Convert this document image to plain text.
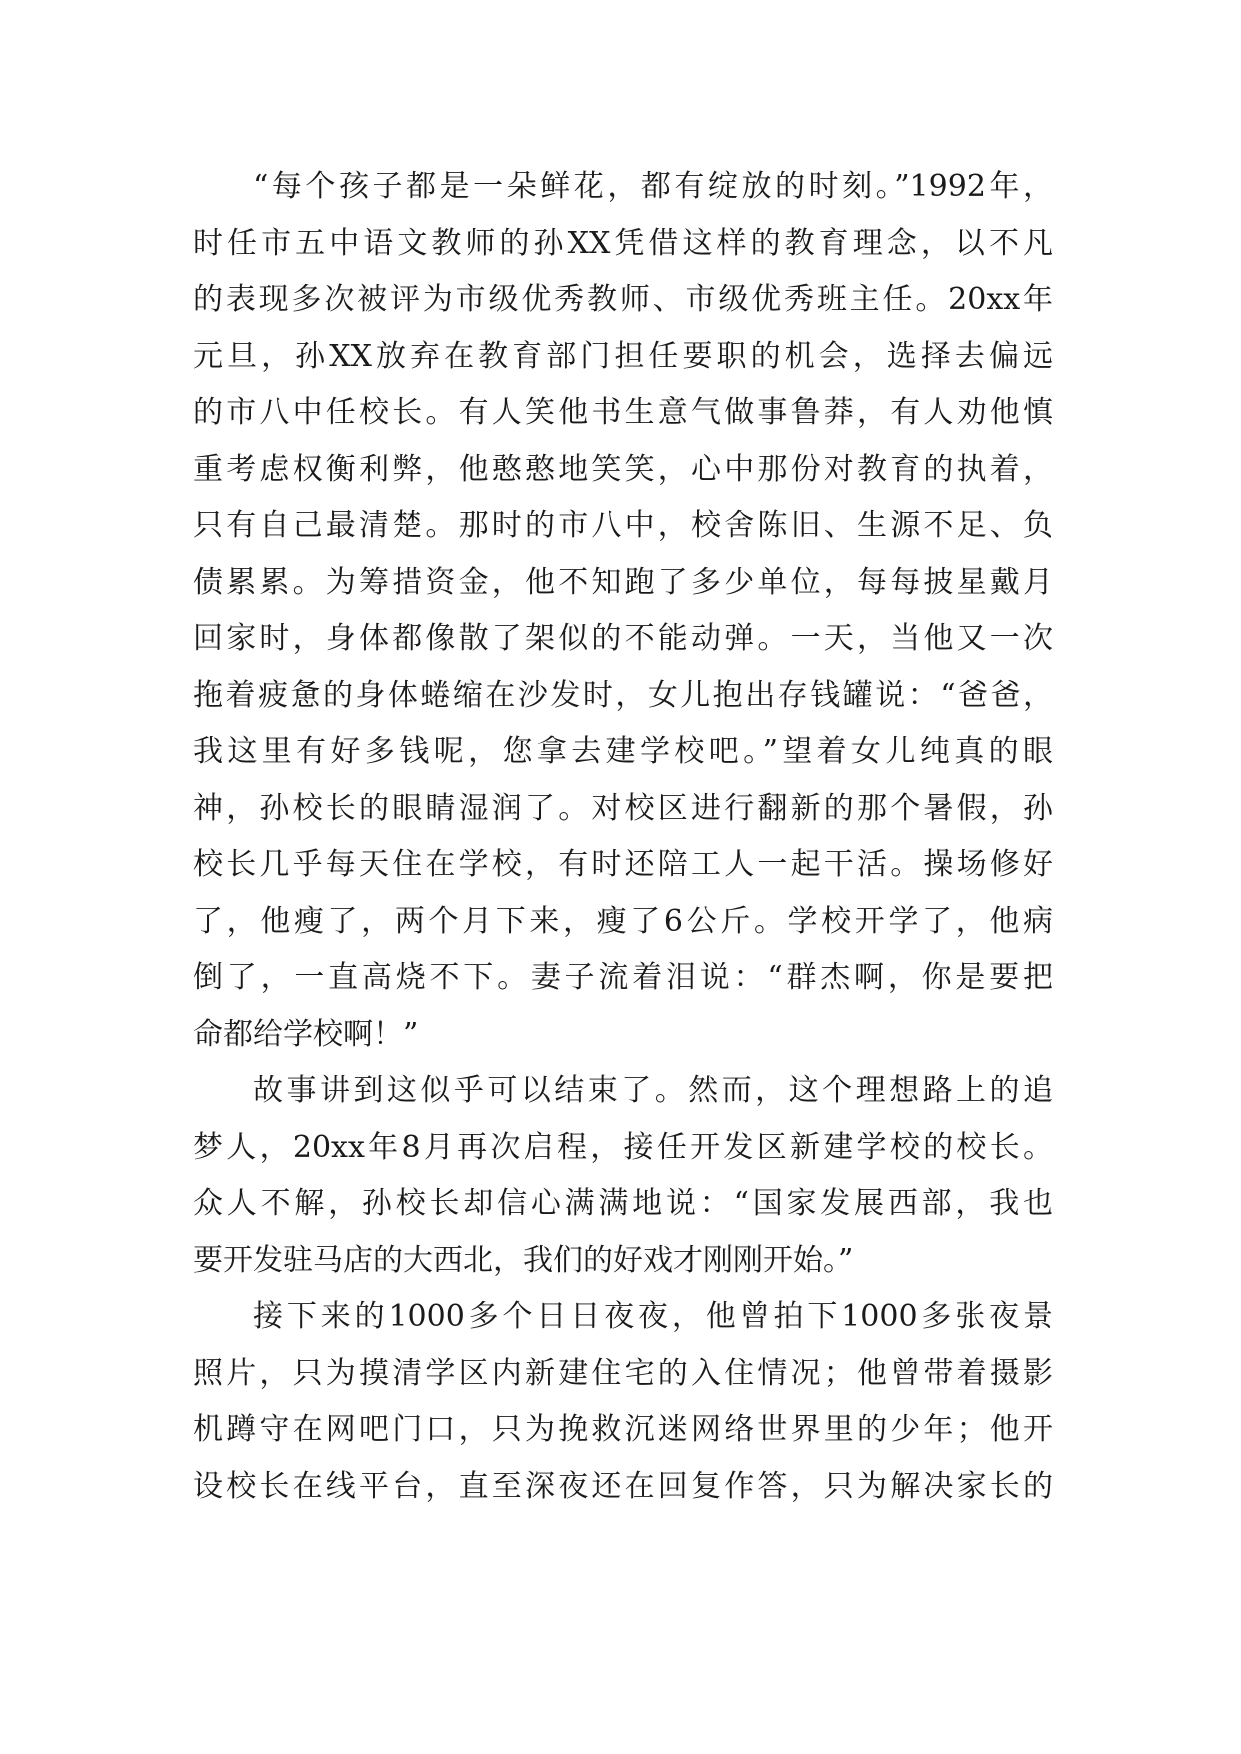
“每个孩子都是一朵鲜花，都有绽放的时刻。”1992年，
时任市五中语文教师的孙XX凭借这样的教育理念，以不凡
的表现多次被评为市级优秀教师、市级优秀班主任。20xx年
元旦，孙XX放弃在教育部门担任要职的机会，选择去偏远
的市八中任校长。有人笑他书生意气做事鲁莽，有人劝他慎
重考虑权衡利弊，他憨憨地笑笑，心中那份对教育的执着，
只有自己最清楚。那时的市八中，校舍陈旧、生源不足、负
债累累。为筹措资金，他不知跑了多少单位，每每披星戴月
回家时，身体都像散了架似的不能动弹。一天，当他又一次
拖着疲惫的身体蜷缩在沙发时，女儿抱出存钱罐说：“爸爸，
我这里有好多钱呢，您拿去建学校吧。”望着女儿纯真的眼
神，孙校长的眼睛湿润了。对校区进行翻新的那个暑假，孙
校长几乎每天住在学校，有时还陪工人一起干活。操场修好
了，他瘦了，两个月下来，瘦了6公斤。学校开学了，他病
倒了，一直高烧不下。妻子流着泪说：“群杰啊，你是要把
命都给学校啊！”
故事讲到这似乎可以结束了。然而，这个理想路上的追
梦人，20xx年8月再次启程，接任开发区新建学校的校长。
众人不解，孙校长却信心满满地说：“国家发展西部，我也
要开发驻马店的大西北，我们的好戏才刚刚开始。”
接下来的1000多个日日夜夜，他曾拍下1000多张夜景
照片，只为摸清学区内新建住宅的入住情况；他曾带着摄影
机蹲守在网吧门口，只为挽救沉迷网络世界里的少年；他开
设校长在线平台，直至深夜还在回复作答，只为解决家长的
